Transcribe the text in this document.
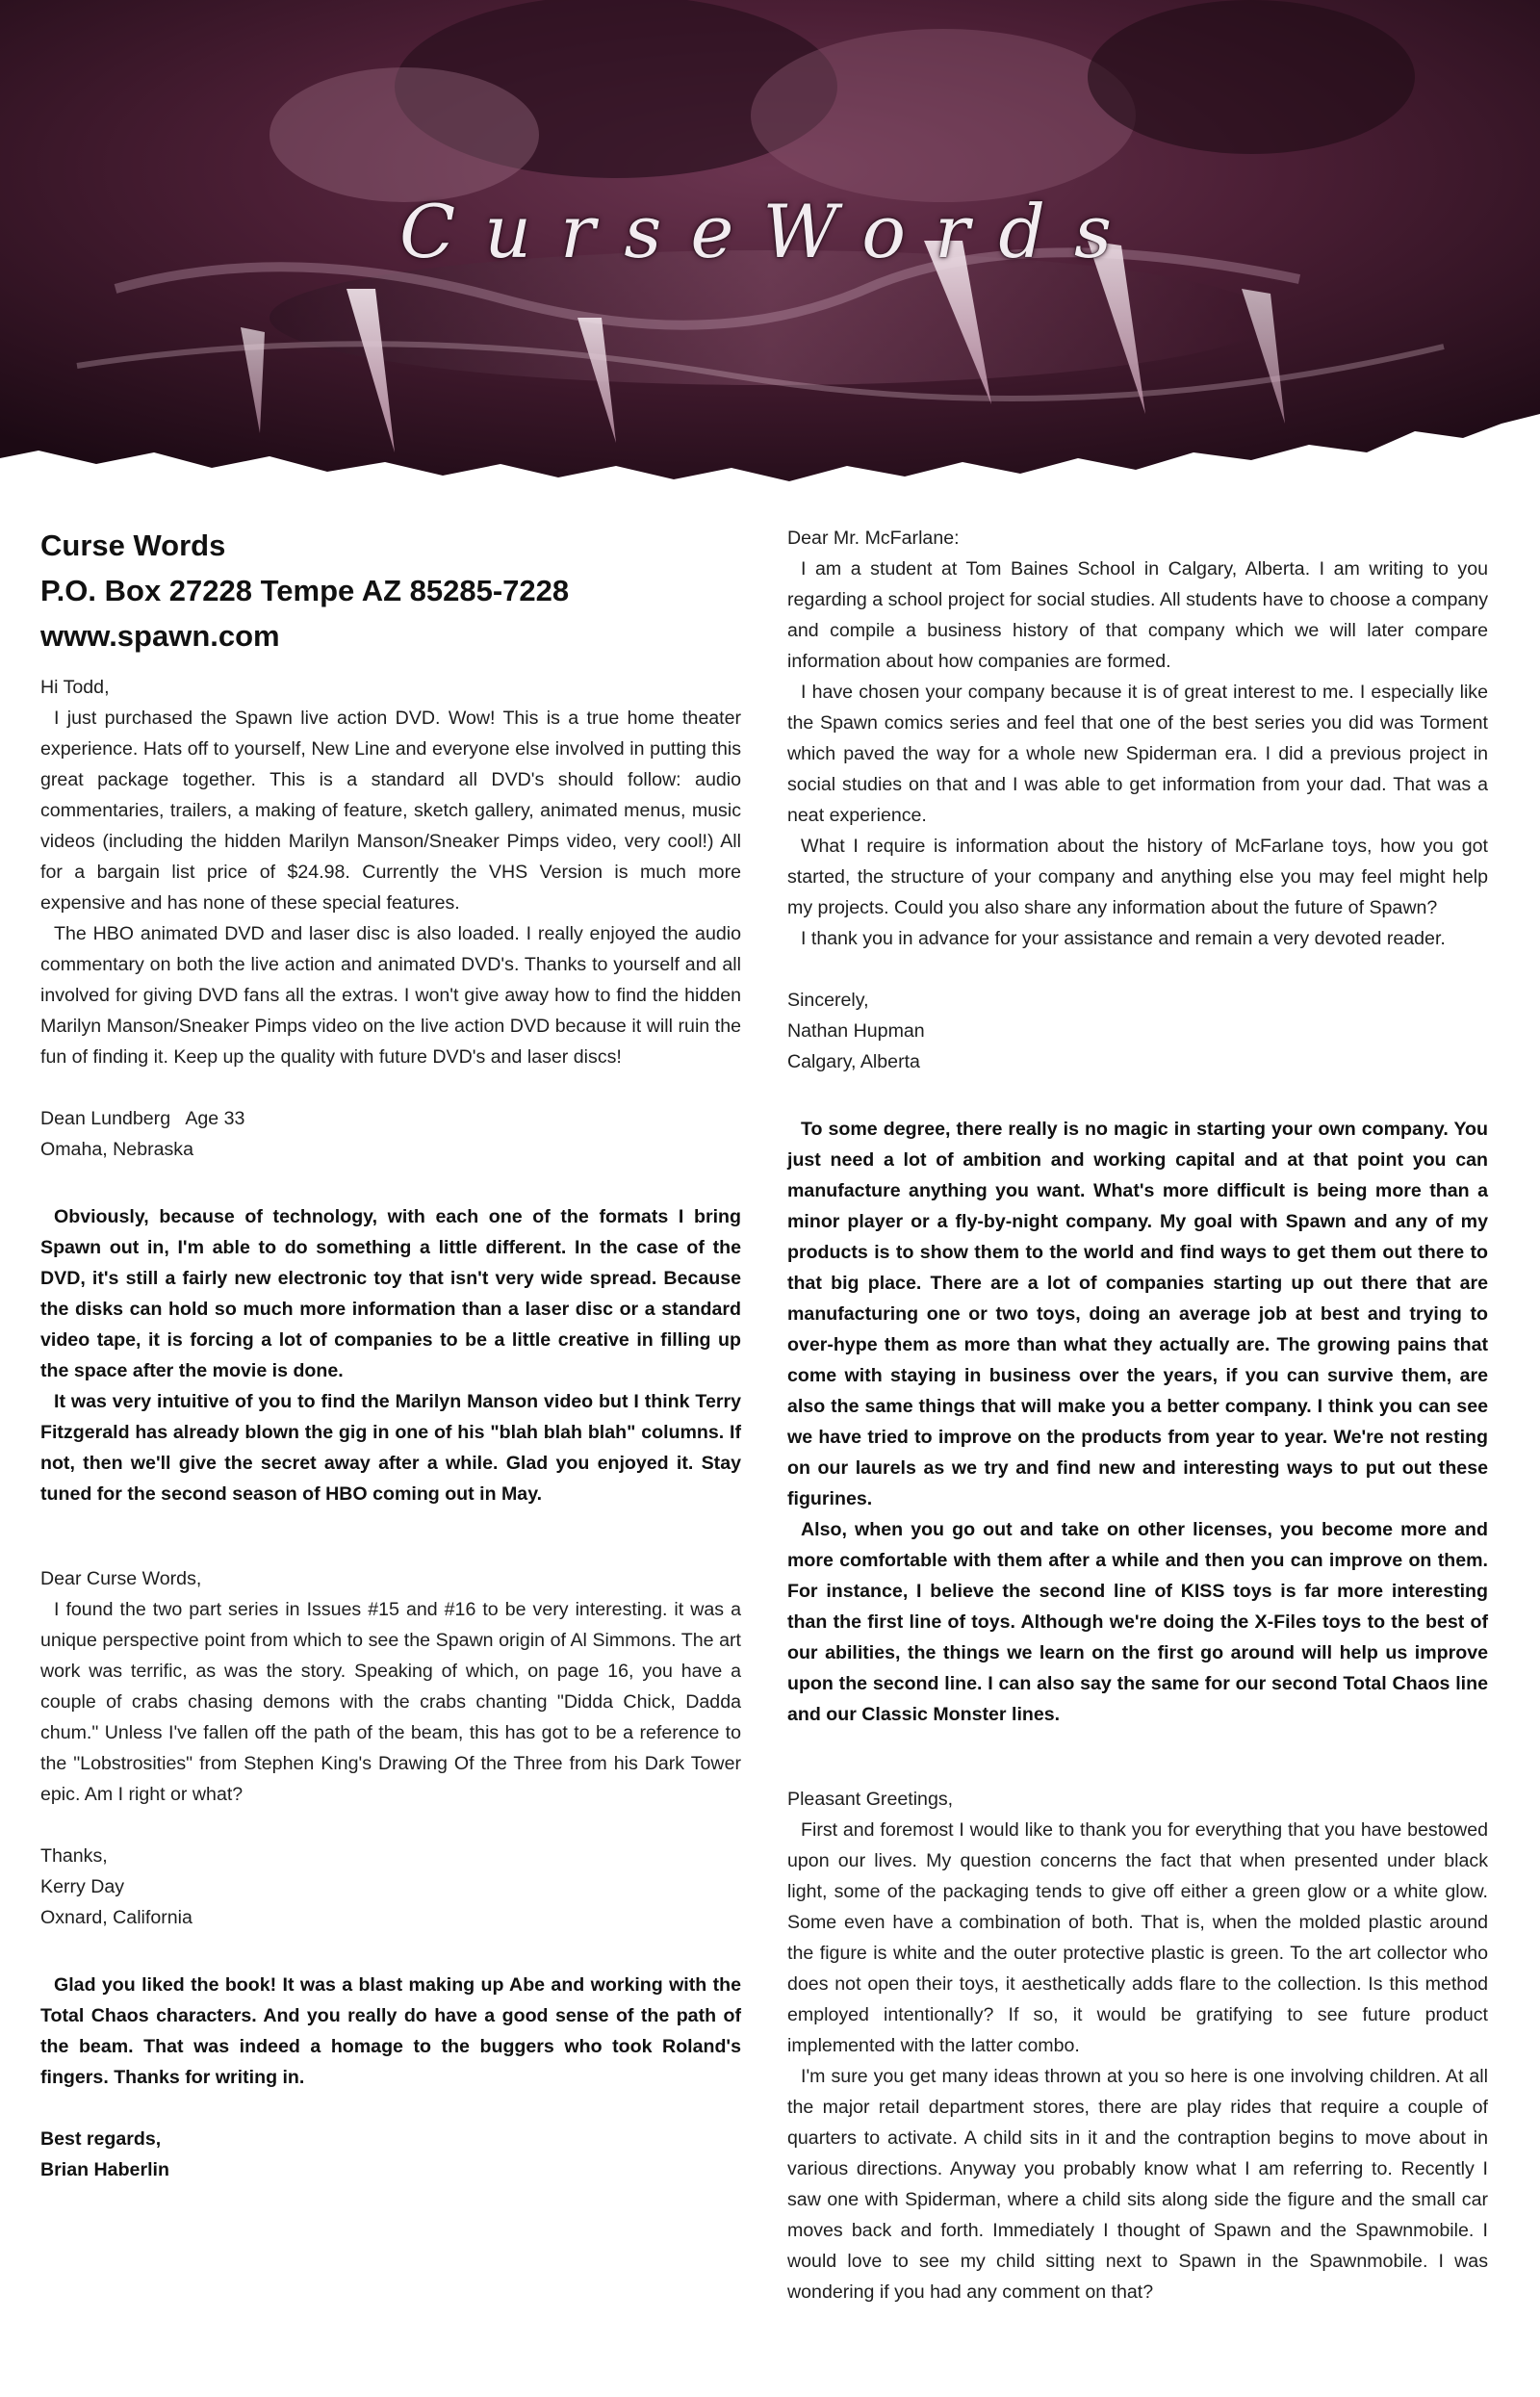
CurseWords
Curse Words
P.O. Box 27228 Tempe AZ 85285-7228
www.spawn.com

Hi Todd,

I just purchased the Spawn live action DVD. Wow! This is a true home theater experience. Hats off to yourself, New Line and everyone else involved in putting this great package together. This is a standard all DVD's should follow: audio commentaries, trailers, a making of feature, sketch gallery, animated menus, music videos (including the hidden Marilyn Manson/Sneaker Pimps video, very cool!) All for a bargain list price of $24.98. Currently the VHS Version is much more expensive and has none of these special features.

The HBO animated DVD and laser disc is also loaded. I really enjoyed the audio commentary on both the live action and animated DVD's. Thanks to yourself and all involved for giving DVD fans all the extras. I won't give away how to find the hidden Marilyn Manson/Sneaker Pimps video on the live action DVD because it will ruin the fun of finding it. Keep up the quality with future DVD's and laser discs!

Dean Lundberg   Age 33

Omaha, Nebraska

Obviously, because of technology, with each one of the formats I bring Spawn out in, I'm able to do something a little different. In the case of the DVD, it's still a fairly new electronic toy that isn't very wide spread. Because the disks can hold so much more information than a laser disc or a standard video tape, it is forcing a lot of companies to be a little creative in filling up the space after the movie is done.

It was very intuitive of you to find the Marilyn Manson video but I think Terry Fitzgerald has already blown the gig in one of his "blah blah blah" columns. If not, then we'll give the secret away after a while. Glad you enjoyed it. Stay tuned for the second season of HBO coming out in May.

Dear Curse Words,

I found the two part series in Issues #15 and #16 to be very interesting. it was a unique perspective point from which to see the Spawn origin of Al Simmons. The art work was terrific, as was the story. Speaking of which, on page 16, you have a couple of crabs chasing demons with the crabs chanting "Didda Chick, Dadda chum." Unless I've fallen off the path of the beam, this has got to be a reference to the "Lobstrosities" from Stephen King's Drawing Of the Three from his Dark Tower epic. Am I right or what?

Thanks,

Kerry Day

Oxnard, California

Glad you liked the book! It was a blast making up Abe and working with the Total Chaos characters. And you really do have a good sense of the path of the beam. That was indeed a homage to the buggers who took Roland's fingers. Thanks for writing in.

Best regards,

Brian Haberlin

Dear Mr. McFarlane:

I am a student at Tom Baines School in Calgary, Alberta. I am writing to you regarding a school project for social studies. All students have to choose a company and compile a business history of that company which we will later compare information about how companies are formed.

I have chosen your company because it is of great interest to me. I especially like the Spawn comics series and feel that one of the best series you did was Torment which paved the way for a whole new Spiderman era. I did a previous project in social studies on that and I was able to get information from your dad. That was a neat experience.

What I require is information about the history of McFarlane toys, how you got started, the structure of your company and anything else you may feel might help my projects. Could you also share any information about the future of Spawn?

I thank you in advance for your assistance and remain a very devoted reader.

Sincerely,

Nathan Hupman

Calgary, Alberta

To some degree, there really is no magic in starting your own company. You just need a lot of ambition and working capital and at that point you can manufacture anything you want. What's more difficult is being more than a minor player or a fly-by-night company. My goal with Spawn and any of my products is to show them to the world and find ways to get them out there to that big place. There are a lot of companies starting up out there that are manufacturing one or two toys, doing an average job at best and trying to over-hype them as more than what they actually are. The growing pains that come with staying in business over the years, if you can survive them, are also the same things that will make you a better company. I think you can see we have tried to improve on the products from year to year. We're not resting on our laurels as we try and find new and interesting ways to put out these figurines.

Also, when you go out and take on other licenses, you become more and more comfortable with them after a while and then you can improve on them. For instance, I believe the second line of KISS toys is far more interesting than the first line of toys. Although we're doing the X-Files toys to the best of our abilities, the things we learn on the first go around will help us improve upon the second line. I can also say the same for our second Total Chaos line and our Classic Monster lines.

Pleasant Greetings,

First and foremost I would like to thank you for everything that you have bestowed upon our lives. My question concerns the fact that when presented under black light, some of the packaging tends to give off either a green glow or a white glow. Some even have a combination of both. That is, when the molded plastic around the figure is white and the outer protective plastic is green. To the art collector who does not open their toys, it aesthetically adds flare to the collection. Is this method employed intentionally? If so, it would be gratifying to see future product implemented with the latter combo.

I'm sure you get many ideas thrown at you so here is one involving children. At all the major retail department stores, there are play rides that require a couple of quarters to activate. A child sits in it and the contraption begins to move about in various directions. Anyway you probably know what I am referring to. Recently I saw one with Spiderman, where a child sits along side the figure and the small car moves back and forth. Immediately I thought of Spawn and the Spawnmobile. I would love to see my child sitting next to Spawn in the Spawnmobile. I was wondering if you had any comment on that?
